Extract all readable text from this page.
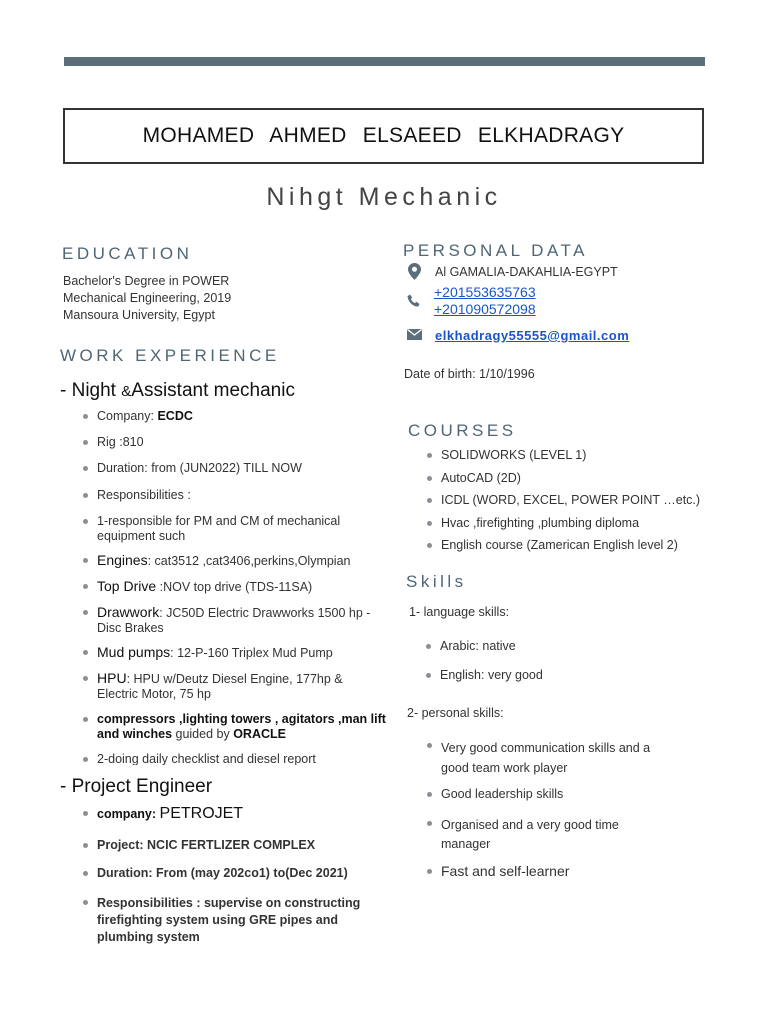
MOHAMED AHMED ELSAEED ELKHADRAGY
Nihgt Mechanic
EDUCATION
Bachelor's Degree in POWER
Mechanical Engineering, 2019
Mansoura University, Egypt
WORK EXPERIENCE
- Night &Assistant mechanic
Company: ECDC
Rig :810
Duration: from (JUN2022) TILL NOW
Responsibilities :
1-responsible for PM and CM of mechanical equipment such
Engines: cat3512 ,cat3406,perkins,Olympian
Top Drive :NOV top drive (TDS-11SA)
Drawwork: JC50D Electric Drawworks 1500 hp - Disc Brakes
Mud pumps: 12-P-160 Triplex Mud Pump
HPU: HPU w/Deutz Diesel Engine, 177hp & Electric Motor, 75 hp
compressors ,lighting towers , agitators ,man lift and winches guided by ORACLE
2-doing daily checklist and diesel report
- Project Engineer
company: PETROJET
Project: NCIC FERTLIZER COMPLEX
Duration: From (may 202co1) to(Dec 2021)
Responsibilities : supervise on constructing firefighting system using GRE pipes and plumbing system
PERSONAL DATA
Al GAMALIA-DAKAHLIA-EGYPT
+201553635763
+201090572098
elkhadragy55555@gmail.com
Date of birth: 1/10/1996
COURSES
SOLIDWORKS (LEVEL 1)
AutoCAD (2D)
ICDL (WORD, EXCEL, POWER POINT …etc.)
Hvac ,firefighting ,plumbing diploma
English course (Zamerican English level 2)
Skills
1- language skills:
Arabic: native
English: very good
2- personal skills:
Very good communication skills and a good team work player
Good leadership skills
Organised and a very good time manager
Fast and self-learner
